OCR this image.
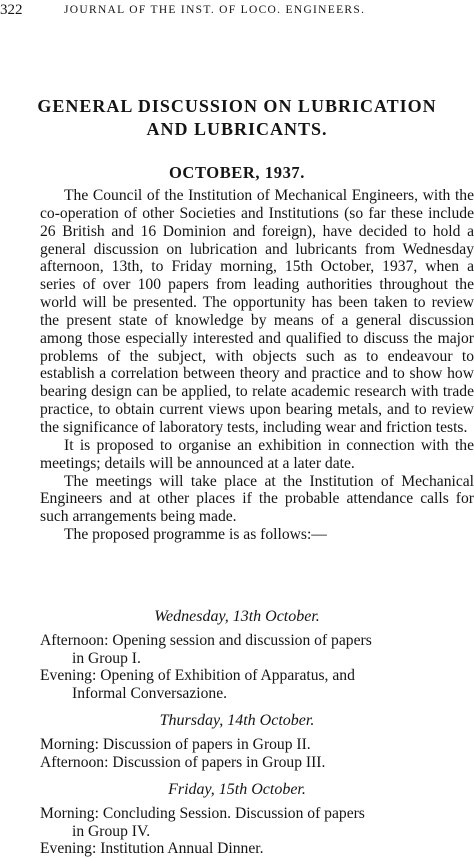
322	JOURNAL OF THE INST. OF LOCO. ENGINEERS.
GENERAL DISCUSSION ON LUBRICATION
AND LUBRICANTS.
OCTOBER, 1937.

The Council of the Institution of Mechanical Engineers, with the co-operation of other Societies and Institutions (so far these include 26 British and 16 Dominion and foreign), have decided to hold a general discussion on lubrication and lubricants from Wednesday afternoon, 13th, to Friday morning, 15th October, 1937, when a series of over 100 papers from leading authorities throughout the world will be presented. The opportunity has been taken to review the present state of knowledge by means of a general discussion among those especially interested and qualified to discuss the major problems of the subject, with objects such as to endeavour to establish a correlation between theory and practice and to show how bearing design can be applied, to relate academic research with trade practice, to obtain current views upon bearing metals, and to review the significance of laboratory tests, including wear and friction tests.

It is proposed to organise an exhibition in connection with the meetings; details will be announced at a later date.

The meetings will take place at the Institution of Mechanical Engineers and at other places if the probable attendance calls for such arrangements being made.

The proposed programme is as follows:—

Wednesday, 13th October.
Afternoon: Opening session and discussion of papers
in Group I.
Evening: Opening of Exhibition of Apparatus, and
Informal Conversazione.
Thursday, 14th October.
Morning: Discussion of papers in Group II.
Afternoon: Discussion of papers in Group III.
Friday, 15th October.
Morning: Concluding Session. Discussion of papers
in Group IV.
Evening: Institution Annual Dinner.
